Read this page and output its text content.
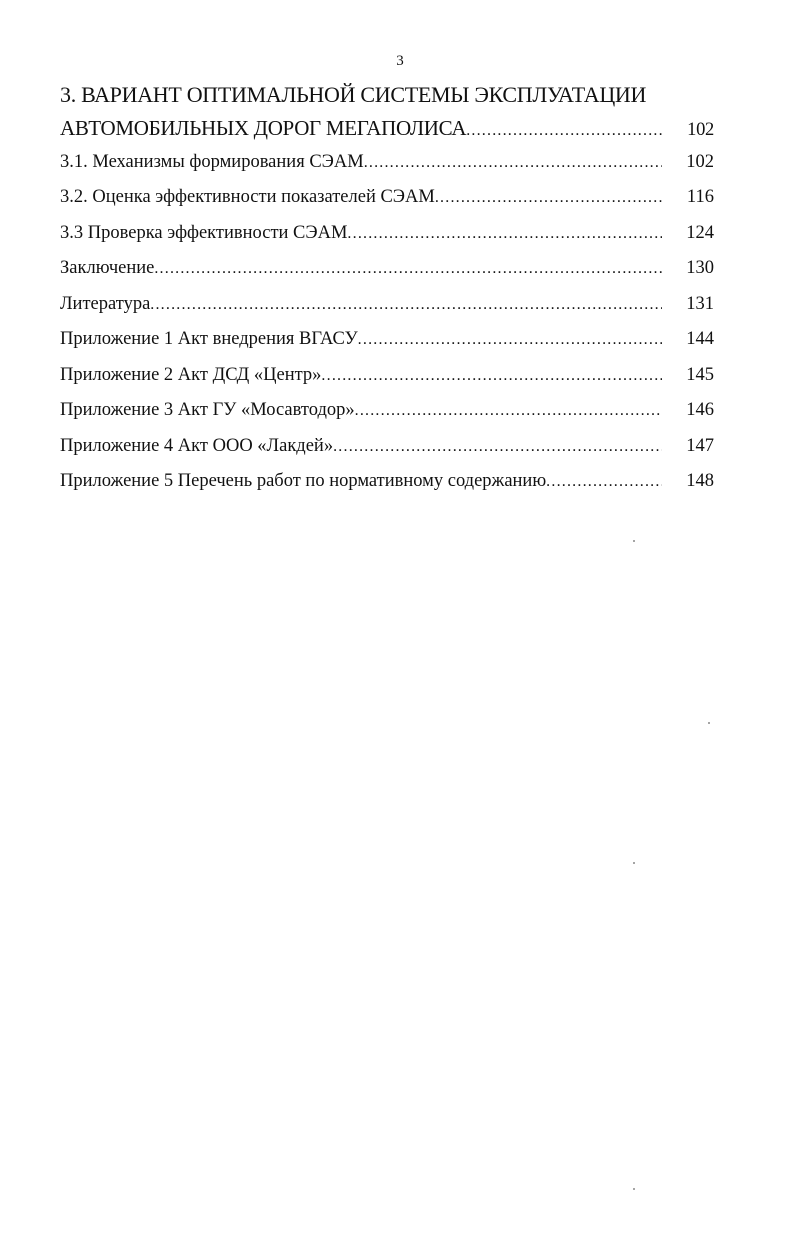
3
3. ВАРИАНТ ОПТИМАЛЬНОЙ СИСТЕМЫ ЭКСПЛУАТАЦИИ
АВТОМОБИЛЬНЫХ ДОРОГ МЕГАПОЛИСА .....	102
3.1. Механизмы формирования СЭАМ .....	102
3.2. Оценка эффективности показателей СЭАМ .....	116
3.3 Проверка эффективности СЭАМ .....	124
Заключение .....	130
Литература .....	131
Приложение 1 Акт внедрения ВГАСУ .....	144
Приложение 2 Акт ДСД «Центр» .....	145
Приложение 3 Акт ГУ «Мосавтодор» .....	146
Приложение 4 Акт ООО «Лакдей» .....	147
Приложение 5 Перечень работ по нормативному содержанию .....	148
